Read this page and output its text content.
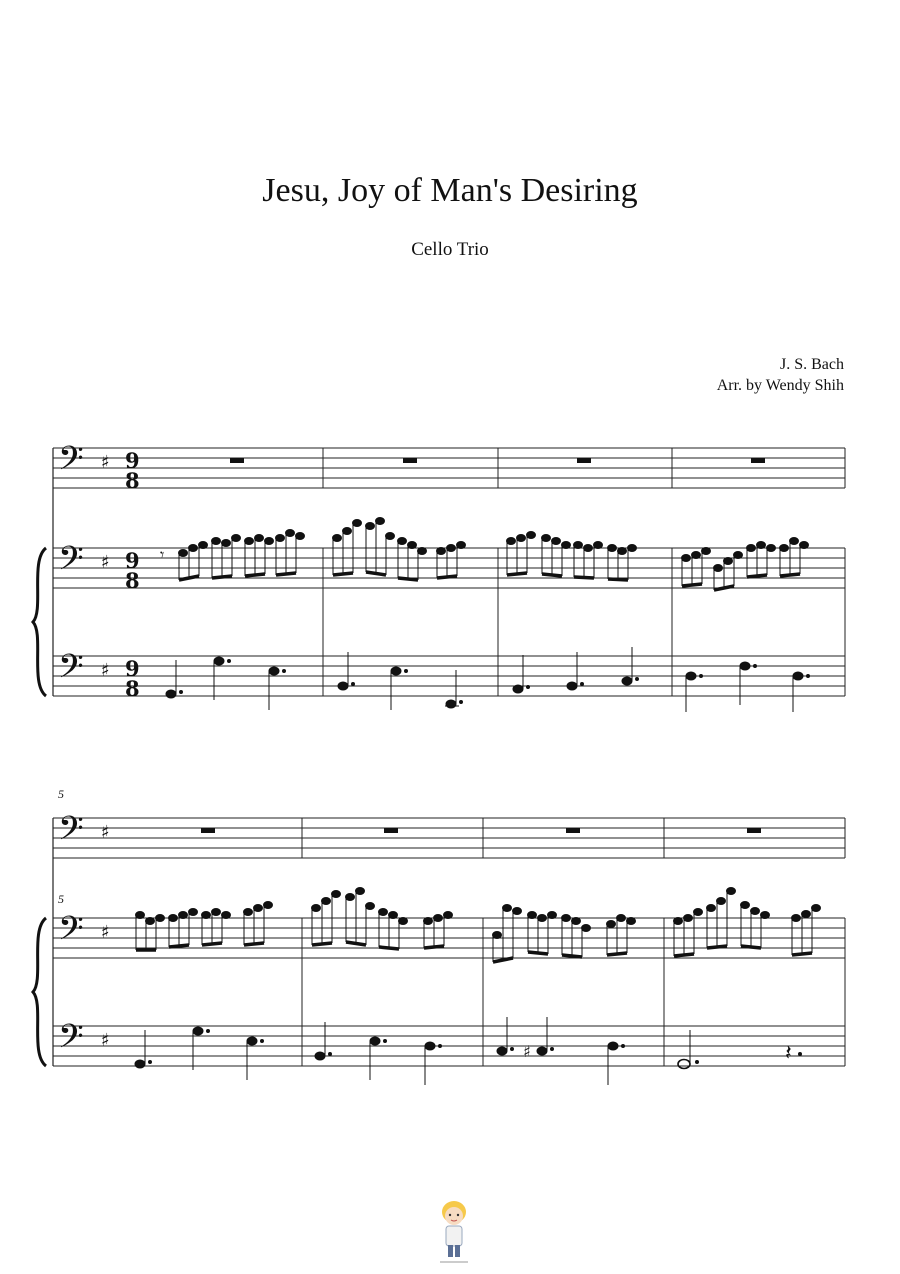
Jesu, Joy of Man's Desiring
Cello Trio
J. S. Bach
Arr. by Wendy Shih
5
5
𝄢
𝄢
𝄢
♯
♯
♯
9
8
9
8
9
8
𝄾
𝄢
𝄢
𝄢
♯
♯
♯
♯	𝄽
